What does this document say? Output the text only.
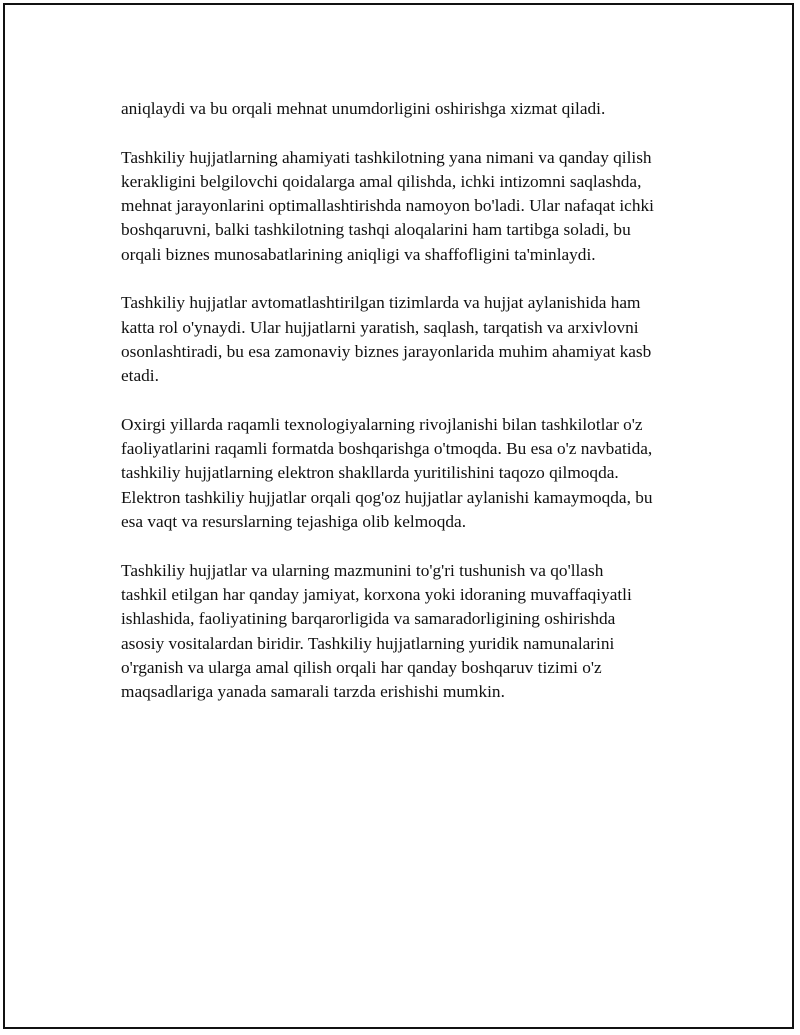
aniqlaydi va bu orqali mehnat unumdorligini oshirishga xizmat qiladi.

Tashkiliy hujjatlarning ahamiyati tashkilotning yana nimani va qanday qilish
kerakligini belgilovchi qoidalarga amal qilishda, ichki intizomni saqlashda,
mehnat jarayonlarini optimallashtirishda namoyon bo'ladi. Ular nafaqat ichki
boshqaruvni, balki tashkilotning tashqi aloqalarini ham tartibga soladi, bu
orqali biznes munosabatlarining aniqligi va shaffofligini ta'minlaydi.

Tashkiliy hujjatlar avtomatlashtirilgan tizimlarda va hujjat aylanishida ham
katta rol o'ynaydi. Ular hujjatlarni yaratish, saqlash, tarqatish va arxivlovni
osonlashtiradi, bu esa zamonaviy biznes jarayonlarida muhim ahamiyat kasb
etadi.

Oxirgi yillarda raqamli texnologiyalarning rivojlanishi bilan tashkilotlar o'z
faoliyatlarini raqamli formatda boshqarishga o'tmoqda. Bu esa o'z navbatida,
tashkiliy hujjatlarning elektron shakllarda yuritilishini taqozo qilmoqda.
Elektron tashkiliy hujjatlar orqali qog'oz hujjatlar aylanishi kamaymoqda, bu
esa vaqt va resurslarning tejashiga olib kelmoqda.

Tashkiliy hujjatlar va ularning mazmunini to'g'ri tushunish va qo'llash
tashkil etilgan har qanday jamiyat, korxona yoki idoraning muvaffaqiyatli
ishlashida, faoliyatining barqarorligida va samaradorligining oshirishda
asosiy vositalardan biridir. Tashkiliy hujjatlarning yuridik namunalarini
o'rganish va ularga amal qilish orqali har qanday boshqaruv tizimi o'z
maqsadlariga yanada samarali tarzda erishishi mumkin.
